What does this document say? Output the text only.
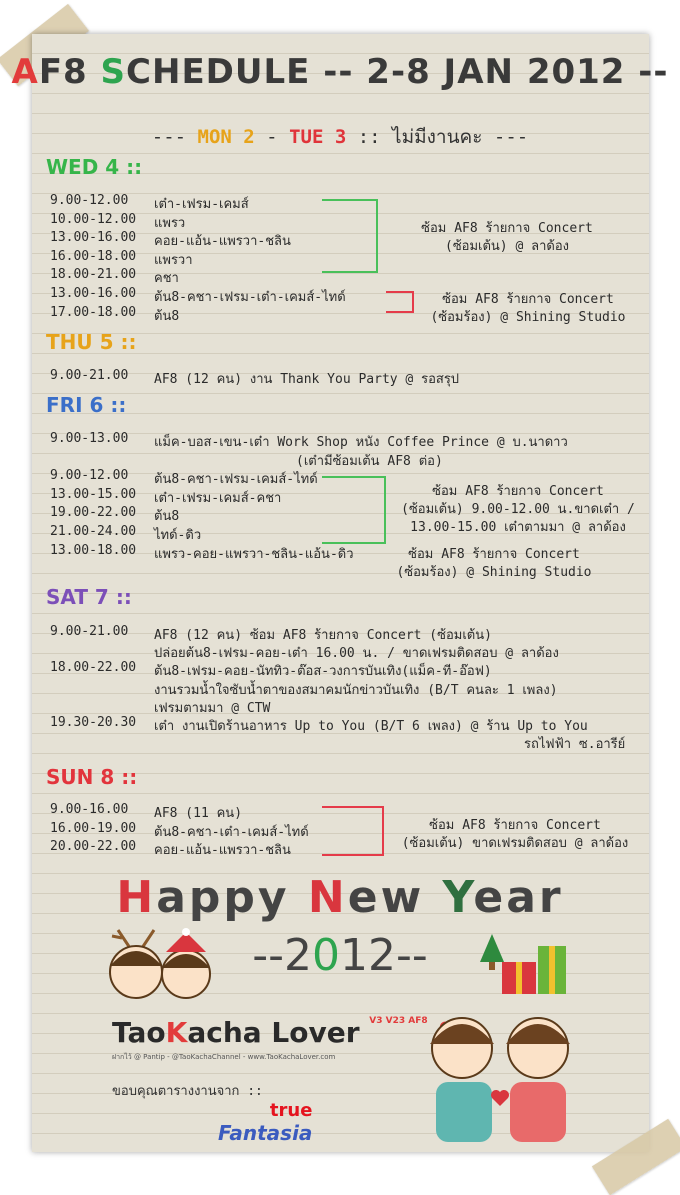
AF8 SCHEDULE -- 2-8 JAN 2012 --
--- MON 2 - TUE 3 :: ไม่มีงานคะ ---
WED 4 ::
9.00-12.00 เต๋า-เฟรม-เคมส์
10.00-12.00 แพรว
13.00-16.00 คอย-แอ้น-แพรวา-ชลิน
16.00-18.00 แพรวา
18.00-21.00 คชา
13.00-16.00 ต้น8-คชา-เฟรม-เต๋า-เคมส์-ไทด์
17.00-18.00 ต้น8
ซ้อม AF8 ร้ายกาจ Concert
(ซ้อมเต้น) @ ลาด้อง
ซ้อม AF8 ร้ายกาจ Concert
(ซ้อมร้อง) @ Shining Studio
THU 5 ::
9.00-21.00 AF8 (12 คน) งาน Thank You Party @ รอสรุป
FRI 6 ::
9.00-13.00 แม็ค-บอส-เขน-เต๋า Work Shop หนัง Coffee Prince @ บ.นาดาว
(เต๋ามีซ้อมเต้น AF8 ต่อ)
9.00-12.00 ต้น8-คชา-เฟรม-เคมส์-ไทด์
13.00-15.00 เต๋า-เฟรม-เคมส์-คชา
19.00-22.00 ต้น8
21.00-24.00 ไทด์-ดิว
13.00-18.00 แพรว-คอย-แพรวา-ชลิน-แอ้น-ดิว
ซ้อม AF8 ร้ายกาจ Concert
(ซ้อมเต้น) 9.00-12.00 น.ขาดเต๋า /
13.00-15.00 เต๋าตามมา @ ลาด้อง
ซ้อม AF8 ร้ายกาจ Concert
(ซ้อมร้อง) @ Shining Studio
SAT 7 ::
9.00-21.00 AF8 (12 คน) ซ้อม AF8 ร้ายกาจ Concert (ซ้อมเต้น)
ปล่อยต้น8-เฟรม-คอย-เต๋า 16.00 น. / ขาดเฟรมติดสอบ @ ลาด้อง
18.00-22.00 ต้น8-เฟรม-คอย-นัททิว-ต๊อส-วงการบันเทิง(แม็ค-ที-อ๊อฟ)
งานรวมน้ำใจซับน้ำตาของสมาคมนักข่าวบันเทิง (B/T คนละ 1 เพลง)
เฟรมตามมา @ CTW
19.30-20.30 เต๋า งานเปิดร้านอาหาร Up to You (B/T 6 เพลง) @ ร้าน Up to You
รถไฟฟ้า ซ.อารีย์
SUN 8 ::
9.00-16.00 AF8 (11 คน)
16.00-19.00 ต้น8-คชา-เต๋า-เคมส์-ไทด์
20.00-22.00 คอย-แอ้น-แพรวา-ชลิน
ซ้อม AF8 ร้ายกาจ Concert
(ซ้อมเต้น) ขาดเฟรมติดสอบ @ ลาด้อง
Happy New Year
--2012--
TaoKacha Lover $^{V3 V23 AF8}$
ฝากไว้ @ Pantip - @TaoKachaChannel - www.TaoKachaLover.com
ขอบคุณตารางงานจาก ::
true
Fantasia
